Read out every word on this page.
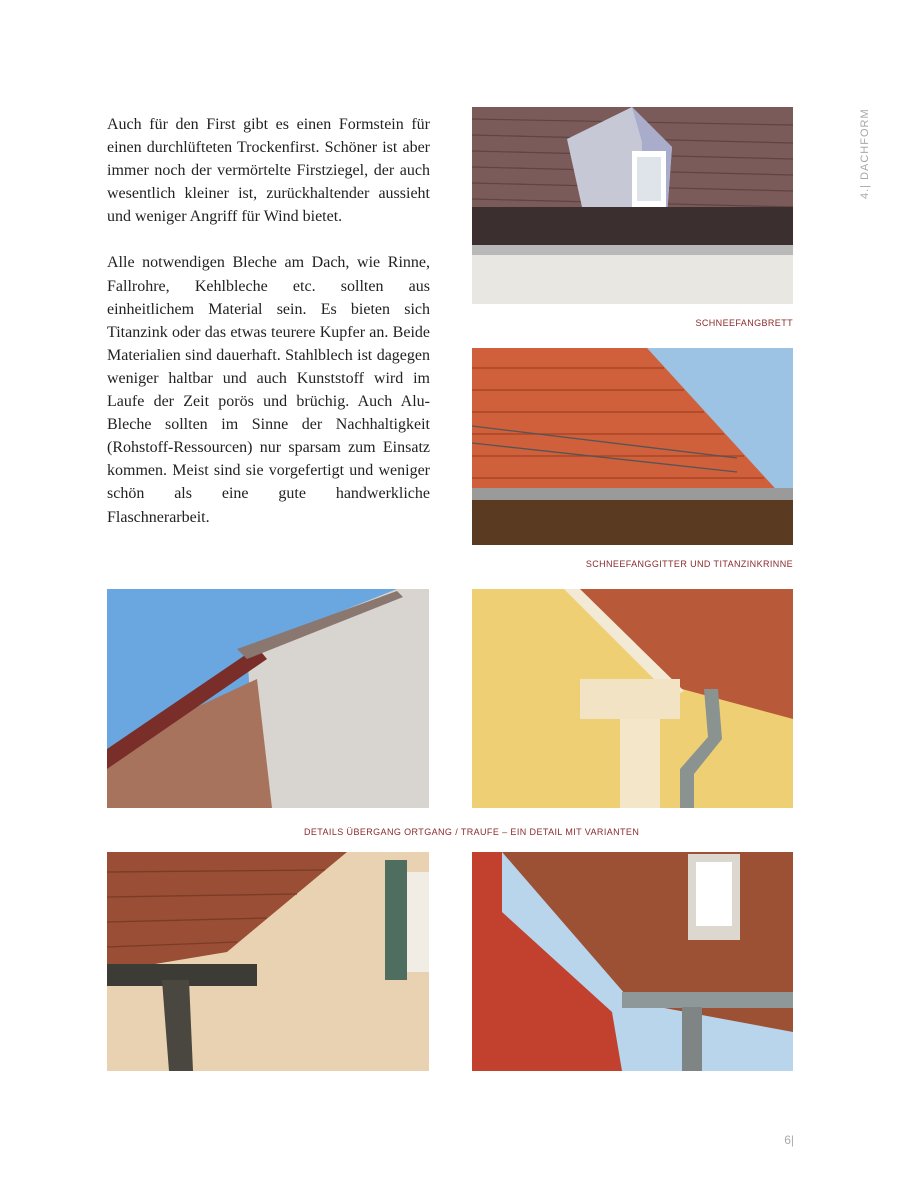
4.| DACHFORM

Auch für den First gibt es einen Formstein für einen durchlüfteten Trockenfirst. Schöner ist aber immer noch der vermörtelte Firstziegel, der auch wesentlich kleiner ist, zurückhaltender aussieht und weniger Angriff für Wind bietet.

Alle notwendigen Bleche am Dach, wie Rinne, Fallrohre, Kehlbleche etc. sollten aus einheitlichem Material sein. Es bieten sich Titanzink oder das etwas teurere Kupfer an. Beide Materialien sind dauerhaft. Stahlblech ist dagegen weniger haltbar und auch Kunststoff wird im Laufe der Zeit porös und brüchig. Auch Alu-Bleche sollten im Sinne der Nachhaltigkeit (Rohstoff-Ressourcen) nur sparsam zum Einsatz kommen. Meist sind sie vorgefertigt und weniger schön als eine gute handwerkliche Flaschnerarbeit.

SCHNEEFANGBRETT
SCHNEEFANGGITTER UND TITANZINKRINNE
DETAILS ÜBERGANG ORTGANG / TRAUFE – EIN DETAIL MIT VARIANTEN
6|
